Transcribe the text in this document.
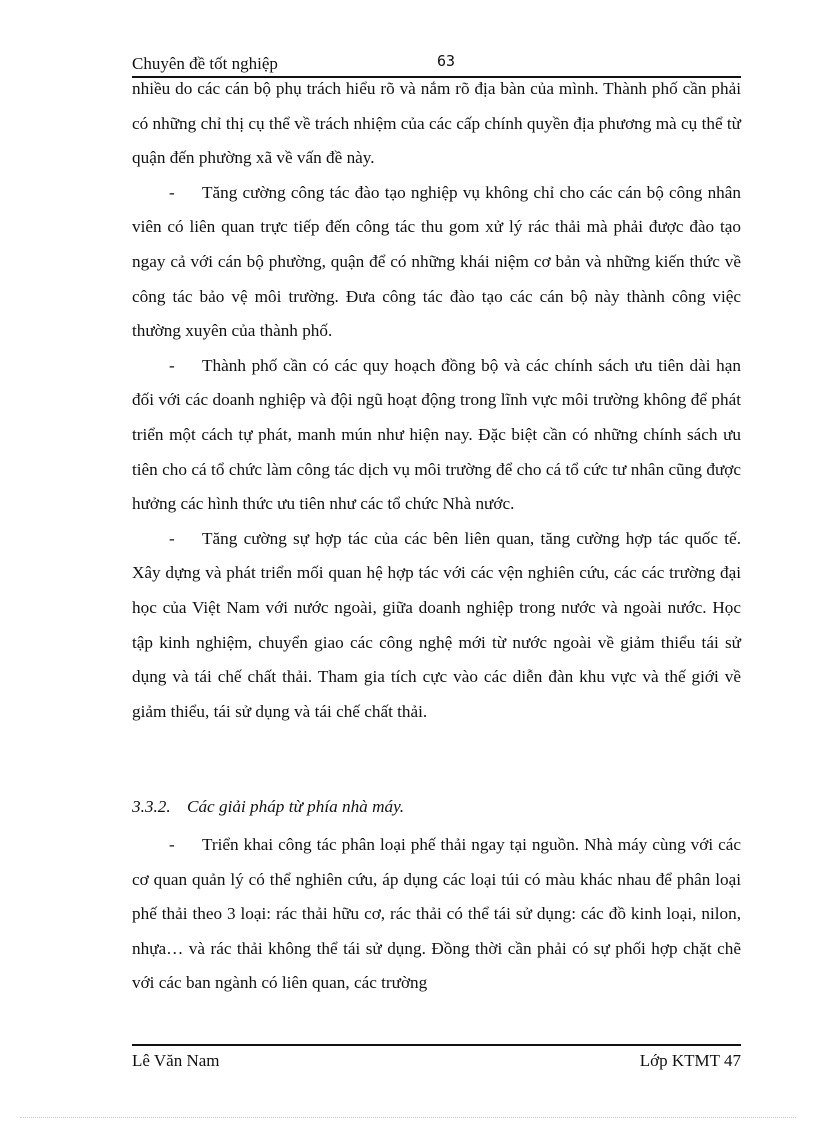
Chuyên đề tốt nghiệp	63

nhiều do các cán bộ phụ trách hiểu rõ và nắm rõ địa bàn của mình. Thành phố cần phải có những chỉ thị cụ thể về trách nhiệm của các cấp chính quyền địa phương mà cụ thể từ quận đến phường xã về vấn đề này.

- Tăng cường công tác đào tạo nghiệp vụ không chỉ cho các cán bộ công nhân viên có liên quan trực tiếp đến công tác thu gom xử lý rác thải mà phải được đào tạo ngay cả với cán bộ phường, quận để có những khái niệm cơ bản và những kiến thức về công tác bảo vệ môi trường. Đưa công tác đào tạo các cán bộ này thành công việc thường xuyên của thành phố.

- Thành phố cần có các quy hoạch đồng bộ và các chính sách ưu tiên dài hạn đối với các doanh nghiệp và đội ngũ hoạt động trong lĩnh vực môi trường không để phát triển một cách tự phát, manh mún như hiện nay. Đặc biệt cần có những chính sách ưu tiên cho cá tổ chức làm công tác dịch vụ môi trường để cho cá tổ cức tư nhân cũng được hưởng các hình thức ưu tiên như các tổ chức Nhà nước.

- Tăng cường sự hợp tác của các bên liên quan, tăng cường hợp tác quốc tế. Xây dựng và phát triển mối quan hệ hợp tác với các vện nghiên cứu, các các trường đại học của Việt Nam với nước ngoài, giữa doanh nghiệp trong nước và ngoài nước. Học tập kinh nghiệm, chuyển giao các công nghệ mới từ nước ngoài về giảm thiểu tái sử dụng và tái chế chất thải. Tham gia tích cực vào các diễn đàn khu vực và thế giới về giảm thiểu, tái sử dụng và tái chế chất thải.

3.3.2. Các giải pháp từ phía nhà máy.

- Triển khai công tác phân loại phế thải ngay tại nguồn. Nhà máy cùng với các cơ quan quản lý có thể nghiên cứu, áp dụng các loại túi có màu khác nhau để phân loại phế thải theo 3 loại: rác thải hữu cơ, rác thải có thể tái sử dụng: các đồ kinh loại, nilon, nhựa… và rác thải không thể tái sử dụng. Đồng thời cần phải có sự phối hợp chặt chẽ với các ban ngành có liên quan, các trường

Lê Văn Nam	Lớp KTMT 47
